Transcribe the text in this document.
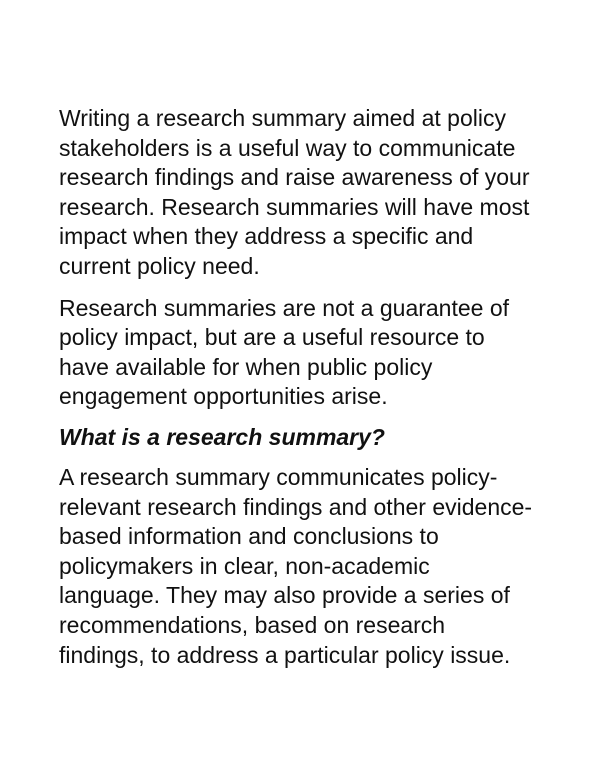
Writing a research summary aimed at policy
stakeholders is a useful way to communicate
research findings and raise awareness of your
research. Research summaries will have most
impact when they address a specific and
current policy need.

Research summaries are not a guarantee of
policy impact, but are a useful resource to
have available for when public policy
engagement opportunities arise.

What is a research summary?

A research summary communicates policy-
relevant research findings and other evidence-
based information and conclusions to
policymakers in clear, non-academic
language. They may also provide a series of
recommendations, based on research
findings, to address a particular policy issue.
